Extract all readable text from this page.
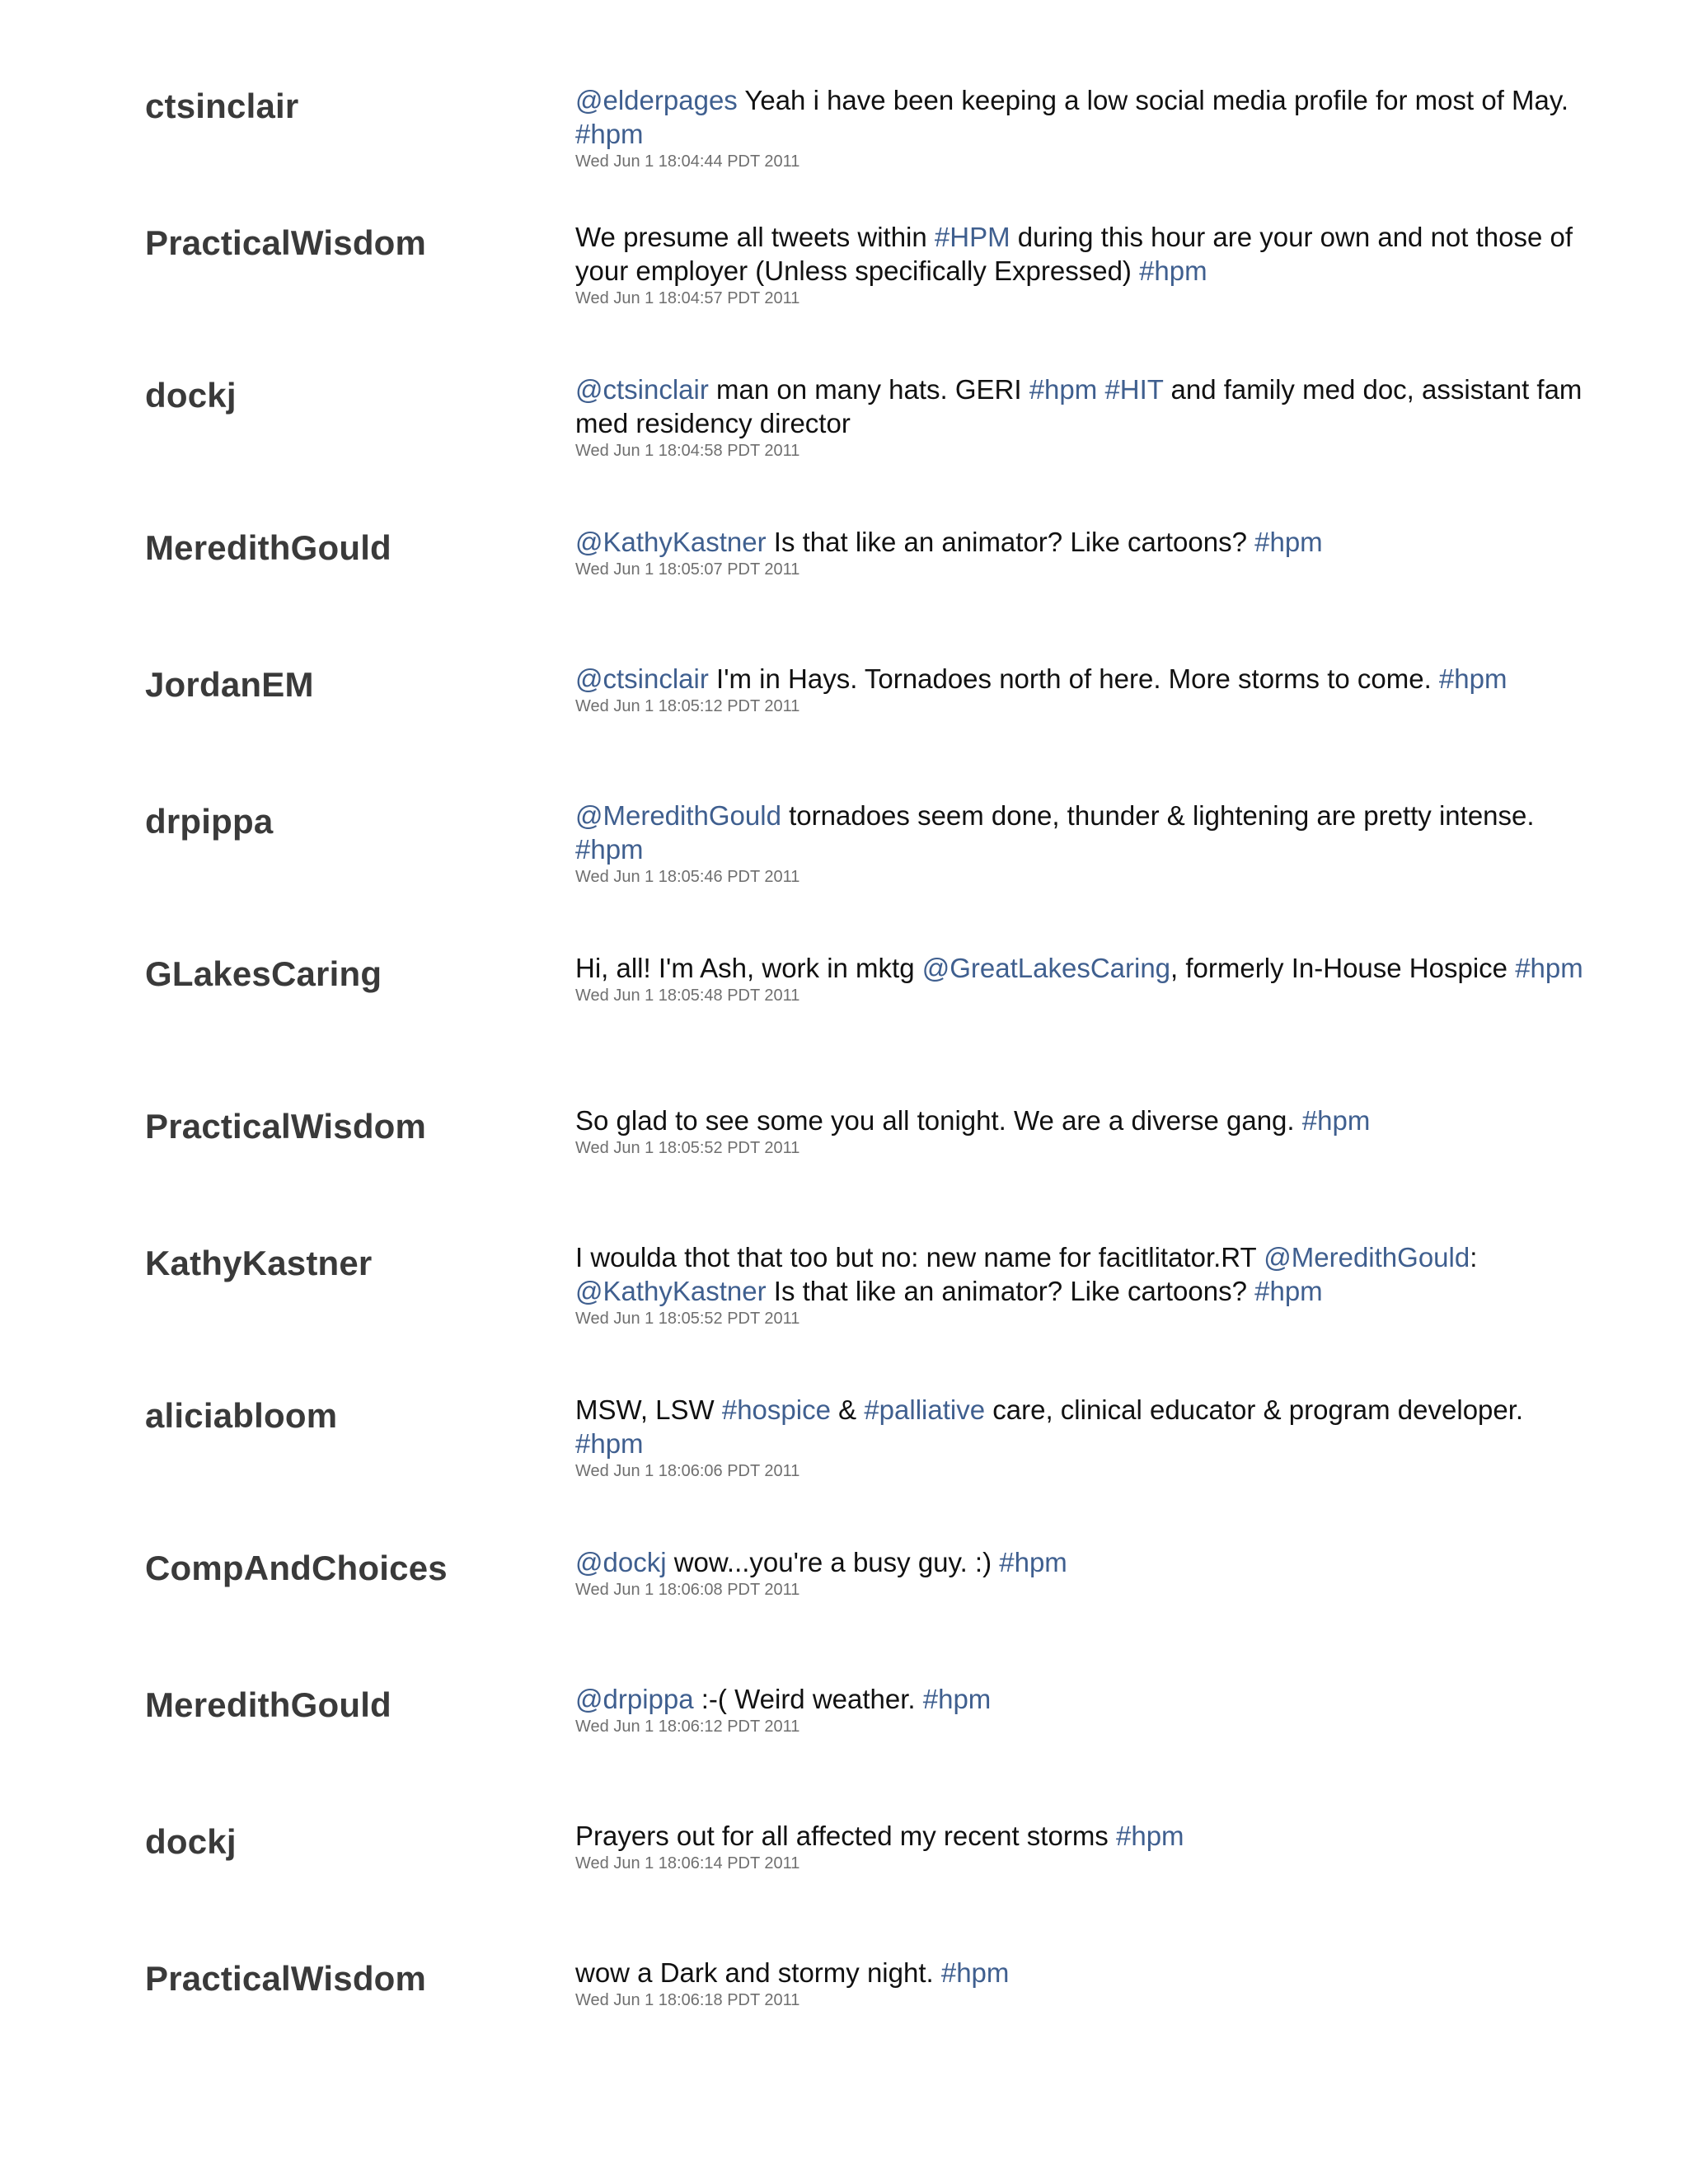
ctsinclair	@elderpages Yeah i have been keeping a low social media profile for most of May. #hpm
Wed Jun 1 18:04:44 PDT 2011
PracticalWisdom	We presume all tweets within #HPM during this hour are your own and not those of your employer (Unless specifically Expressed) #hpm
Wed Jun 1 18:04:57 PDT 2011
dockj	@ctsinclair man on many hats. GERI #hpm #HIT and family med doc, assistant fam med residency director
Wed Jun 1 18:04:58 PDT 2011
MeredithGould	@KathyKastner Is that like an animator? Like cartoons? #hpm
Wed Jun 1 18:05:07 PDT 2011
JordanEM	@ctsinclair I'm in Hays. Tornadoes north of here. More storms to come. #hpm
Wed Jun 1 18:05:12 PDT 2011
drpippa	@MeredithGould tornadoes seem done, thunder & lightening are pretty intense. #hpm
Wed Jun 1 18:05:46 PDT 2011
GLakesCaring	Hi, all! I'm Ash, work in mktg @GreatLakesCaring, formerly In-House Hospice #hpm
Wed Jun 1 18:05:48 PDT 2011
PracticalWisdom	So glad to see some you all tonight. We are a diverse gang. #hpm
Wed Jun 1 18:05:52 PDT 2011
KathyKastner	I woulda thot that too but no: new name for facitlitator.RT @MeredithGould: @KathyKastner Is that like an animator? Like cartoons? #hpm
Wed Jun 1 18:05:52 PDT 2011
aliciabloom	MSW, LSW #hospice & #palliative care, clinical educator & program developer. #hpm
Wed Jun 1 18:06:06 PDT 2011
CompAndChoices	@dockj wow...you're a busy guy. :) #hpm
Wed Jun 1 18:06:08 PDT 2011
MeredithGould	@drpippa :-( Weird weather. #hpm
Wed Jun 1 18:06:12 PDT 2011
dockj	Prayers out for all affected my recent storms #hpm
Wed Jun 1 18:06:14 PDT 2011
PracticalWisdom	wow a Dark and stormy night. #hpm
Wed Jun 1 18:06:18 PDT 2011
